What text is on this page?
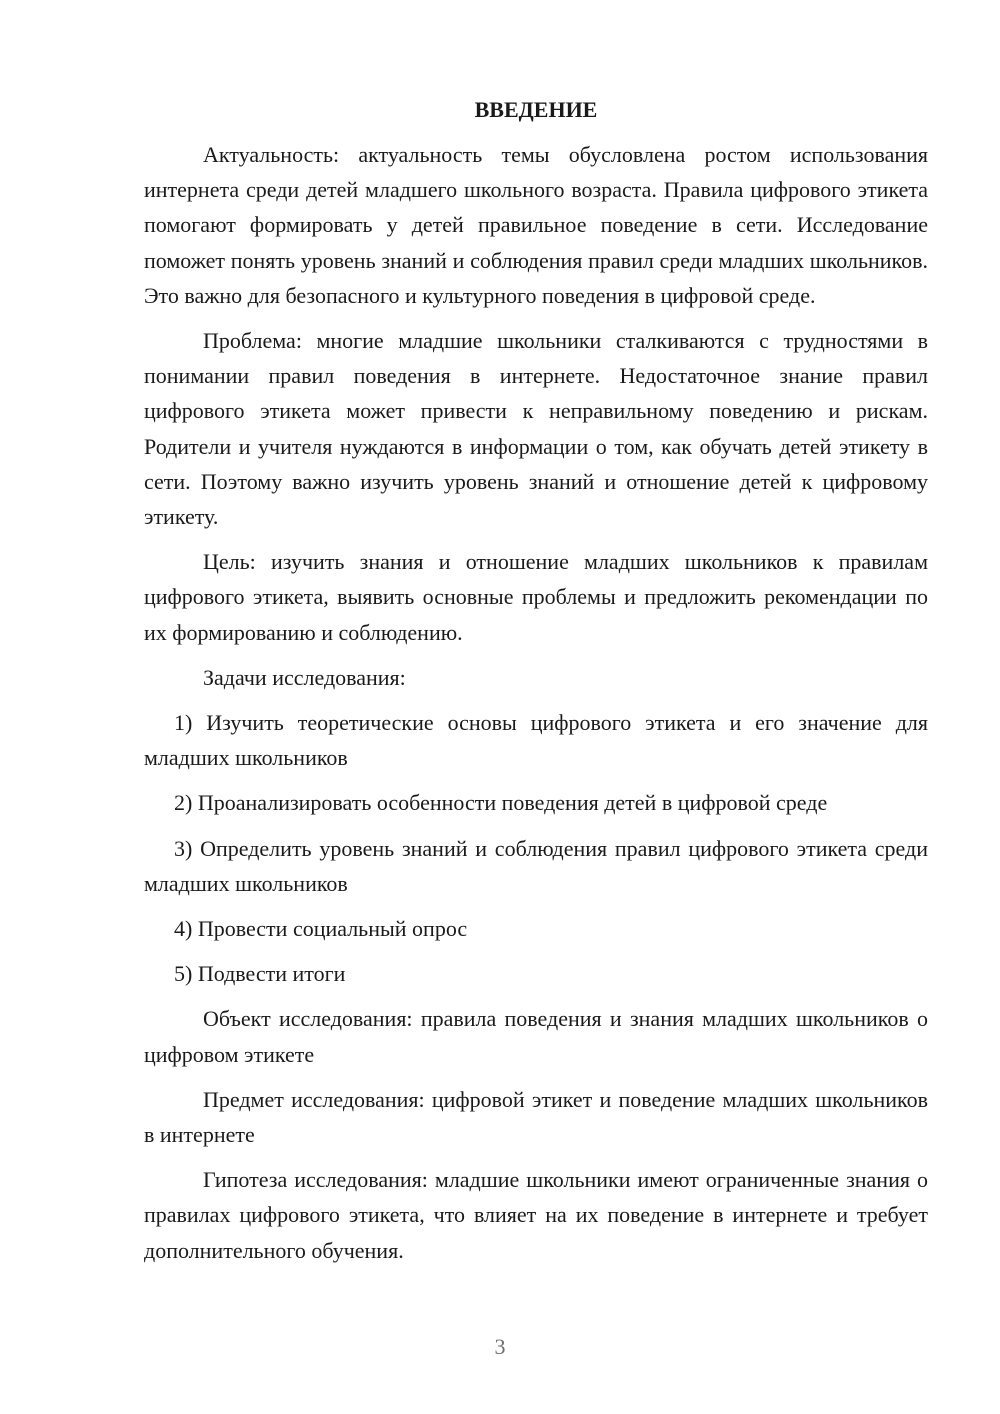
ВВЕДЕНИЕ

Актуальность: актуальность темы обусловлена ростом использования интернета среди детей младшего школьного возраста. Правила цифрового этикета помогают формировать у детей правильное поведение в сети. Исследование поможет понять уровень знаний и соблюдения правил среди младших школьников. Это важно для безопасного и культурного поведения в цифровой среде.

Проблема: многие младшие школьники сталкиваются с трудностями в понимании правил поведения в интернете. Недостаточное знание правил цифрового этикета может привести к неправильному поведению и рискам. Родители и учителя нуждаются в информации о том, как обучать детей этикету в сети. Поэтому важно изучить уровень знаний и отношение детей к цифровому этикету.

Цель: изучить знания и отношение младших школьников к правилам цифрового этикета, выявить основные проблемы и предложить рекомендации по их формированию и соблюдению.

Задачи исследования:

1) Изучить теоретические основы цифрового этикета и его значение для младших школьников

2) Проанализировать особенности поведения детей в цифровой среде

3) Определить уровень знаний и соблюдения правил цифрового этикета среди младших школьников

4) Провести социальный опрос

5) Подвести итоги

Объект исследования: правила поведения и знания младших школьников о цифровом этикете

Предмет исследования: цифровой этикет и поведение младших школьников в интернете

Гипотеза исследования: младшие школьники имеют ограниченные знания о правилах цифрового этикета, что влияет на их поведение в интернете и требует дополнительного обучения.

3
